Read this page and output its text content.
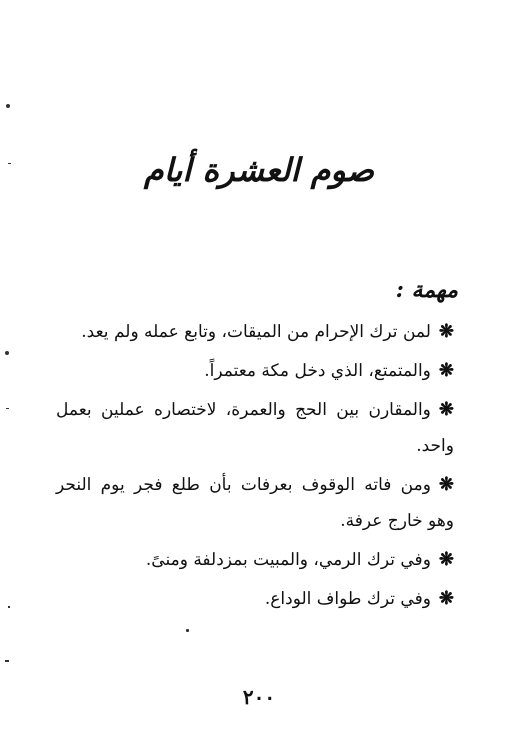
صوم العشرة أيام
مهمة :
❋لمن ترك الإحرام من الميقات، وتابع عمله ولم يعد.
❋والمتمتع، الذي دخل مكة معتمراً.
❋والمقارن بين الحج والعمرة، لاختصاره عملين بعمل واحد.
❋ومن فاته الوقوف بعرفات بأن طلع فجر يوم النحر وهو خارج عرفة.
❋وفي ترك الرمي، والمبيت بمزدلفة ومنىً.
❋وفي ترك طواف الوداع.
٢٠٠
